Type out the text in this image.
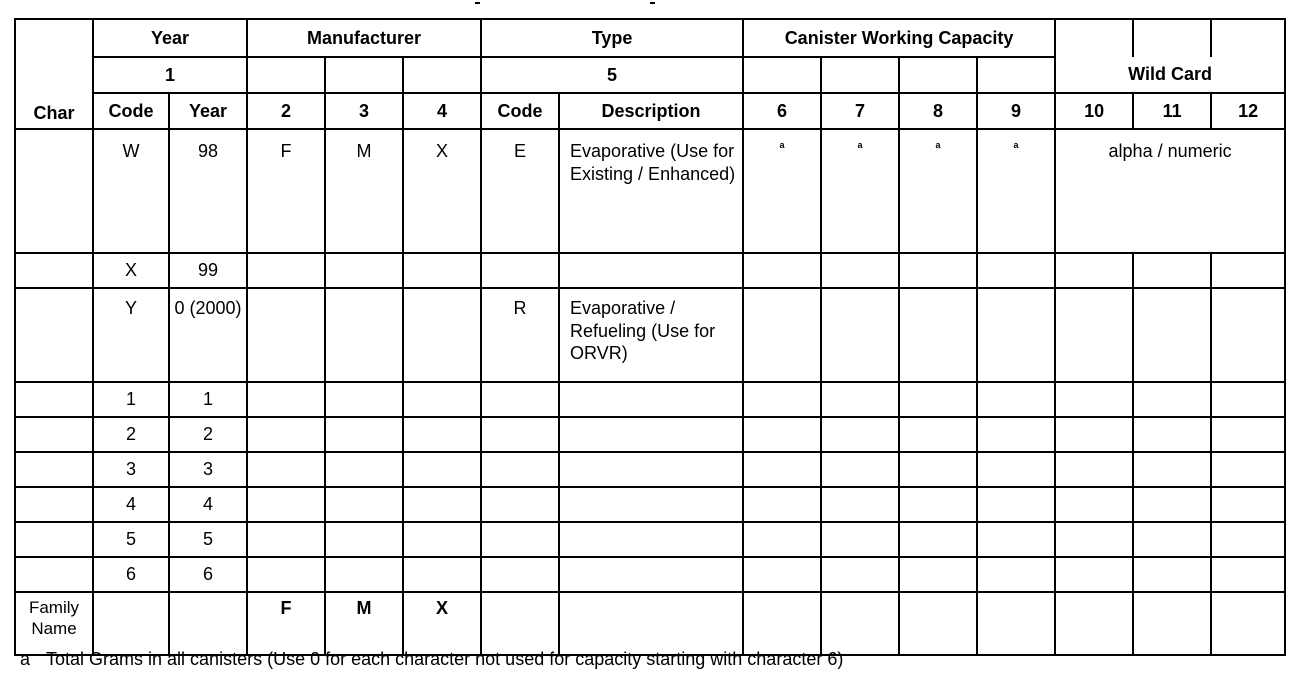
Char	Year		Manufacturer			Type		Canister Working Capacity						
	1					5						Wild Card		
	Code	Year	2	3	4	Code	Description	6	7	8	9	10	11	12
	W	98	F	M	X	E	Evaporative (Use for Existing / Enhanced)	a	a	a	a	alpha / numeric		
	X	99												
	Y	0 (2000)				R	Evaporative / Refueling (Use for ORVR)							
	1	1												
	2	2												
	3	3												
	4	4												
	5	5												
	6	6												
Family Name			F	M	X									
a Total Grams in all canisters (Use 0 for each character not used for capacity starting with character 6)
